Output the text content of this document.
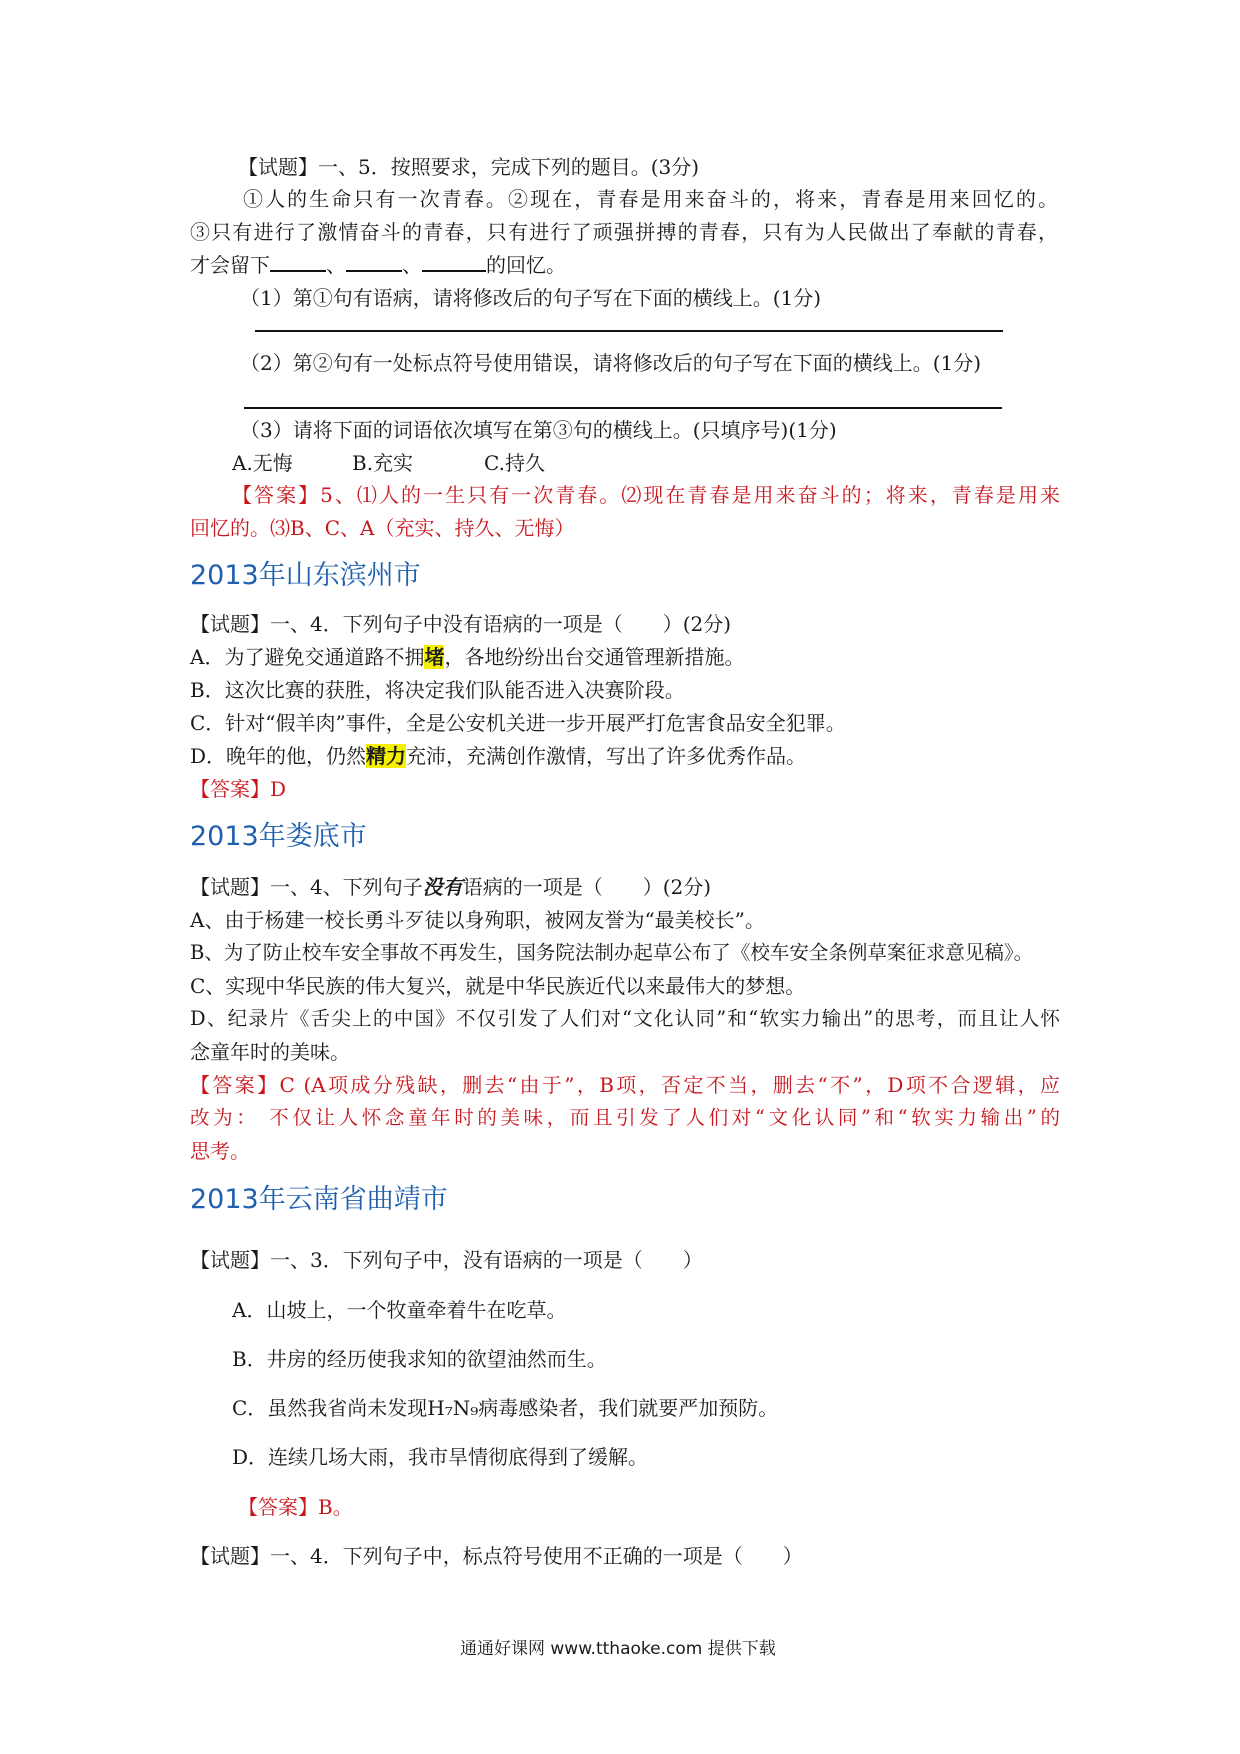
【试题】一、5．按照要求，完成下列的题目。(3分)
①人的生命只有一次青春。②现在，青春是用来奋斗的，将来，青春是用来回忆的。
③只有进行了激情奋斗的青春，只有进行了顽强拼搏的青春，只有为人民做出了奉献的青春，
才会留下	、	、	的回忆。
（1）第①句有语病，请将修改后的句子写在下面的横线上。(1分)
（2）第②句有一处标点符号使用错误，请将修改后的句子写在下面的横线上。(1分)
（3）请将下面的词语依次填写在第③句的横线上。(只填序号)(1分)
A.无悔	B.充实	C.持久
【答案】5、⑴人的一生只有一次青春。⑵现在青春是用来奋斗的；将来，青春是用来
回忆的。⑶B、C、A（充实、持久、无悔）
2013年山东滨州市
【试题】一、4．下列句子中没有语病的一项是（　　）(2分)
A．为了避免交通道路不拥堵，各地纷纷出台交通管理新措施。
B．这次比赛的获胜，将决定我们队能否进入决赛阶段。
C．针对“假羊肉”事件，全是公安机关进一步开展严打危害食品安全犯罪。
D．晚年的他，仍然精力充沛，充满创作激情，写出了许多优秀作品。
【答案】D
2013年娄底市
【试题】一、4、下列句子没有语病的一项是（　　）(2分)
A、由于杨建一校长勇斗歹徒以身殉职，被网友誉为“最美校长”。
B、为了防止校车安全事故不再发生，国务院法制办起草公布了《校车安全条例草案征求意见稿》。
C、实现中华民族的伟大复兴，就是中华民族近代以来最伟大的梦想。
D、纪录片《舌尖上的中国》不仅引发了人们对“文化认同”和“软实力输出”的思考，而且让人怀
念童年时的美味。
【答案】C (A项成分残缺，删去“由于”，B项，否定不当，删去“不”，D项不合逻辑，应
改为： 不仅让人怀念童年时的美味，而且引发了人们对“文化认同”和“软实力输出”的
思考。
2013年云南省曲靖市
【试题】一、3．下列句子中，没有语病的一项是（　　）
A．山坡上，一个牧童牵着牛在吃草。
B．井房的经历使我求知的欲望油然而生。
C．虽然我省尚未发现H₇N₉病毒感染者，我们就要严加预防。
D．连续几场大雨，我市旱情彻底得到了缓解。
【答案】B。
【试题】一、4．下列句子中，标点符号使用不正确的一项是（　　）
通通好课网 www.tthaoke.com 提供下载
